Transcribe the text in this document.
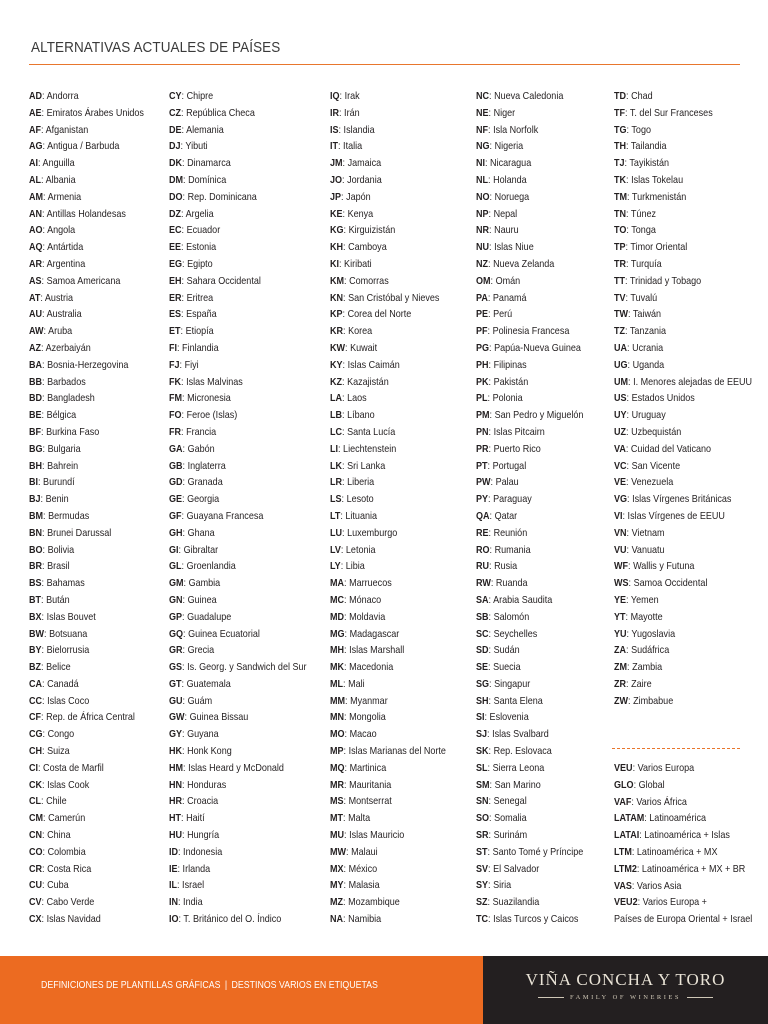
ALTERNATIVAS ACTUALES DE PAÍSES
AD: Andorra
AE: Emiratos Árabes Unidos
AF: Afganistan
AG: Antigua / Barbuda
AI: Anguilla
AL: Albania
AM: Armenia
AN: Antillas Holandesas
AO: Angola
AQ: Antártida
AR: Argentina
AS: Samoa Americana
AT: Austria
AU: Australia
AW: Aruba
AZ: Azerbaiyán
BA: Bosnia-Herzegovina
BB: Barbados
BD: Bangladesh
BE: Bélgica
BF: Burkina Faso
BG: Bulgaria
BH: Bahrein
BI: Burundí
BJ: Benin
BM: Bermudas
BN: Brunei Darussal
BO: Bolivia
BR: Brasil
BS: Bahamas
BT: Bután
BX: Islas Bouvet
BW: Botsuana
BY: Bielorrusia
BZ: Belice
CA: Canadá
CC: Islas Coco
CF: Rep. de África Central
CG: Congo
CH: Suiza
CI: Costa de Marfil
CK: Islas Cook
CL: Chile
CM: Camerún
CN: China
CO: Colombia
CR: Costa Rica
CU: Cuba
CV: Cabo Verde
CX: Islas Navidad
CY: Chipre
CZ: República Checa
DE: Alemania
DJ: Yibuti
DK: Dinamarca
DM: Domínica
DO: Rep. Dominicana
DZ: Argelia
EC: Ecuador
EE: Estonia
EG: Egipto
EH: Sahara Occidental
ER: Eritrea
ES: España
ET: Etiopía
FI: Finlandia
FJ: Fiyi
FK: Islas Malvinas
FM: Micronesia
FO: Feroe (Islas)
FR: Francia
GA: Gabón
GB: Inglaterra
GD: Granada
GE: Georgia
GF: Guayana Francesa
GH: Ghana
GI: Gibraltar
GL: Groenlandia
GM: Gambia
GN: Guinea
GP: Guadalupe
GQ: Guinea Ecuatorial
GR: Grecia
GS: Is. Georg. y Sandwich del Sur
GT: Guatemala
GU: Guám
GW: Guinea Bissau
GY: Guyana
HK: Honk Kong
HM: Islas Heard y McDonald
HN: Honduras
HR: Croacia
HT: Haití
HU: Hungría
ID: Indonesia
IE: Irlanda
IL: Israel
IN: India
IO: T. Británico del O. Índico
IQ: Irak
IR: Irán
IS: Islandia
IT: Italia
JM: Jamaica
JO: Jordania
JP: Japón
KE: Kenya
KG: Kirguizistán
KH: Camboya
KI: Kiribati
KM: Comorras
KN: San Cristóbal y Nieves
KP: Corea del Norte
KR: Korea
KW: Kuwait
KY: Islas Caimán
KZ: Kazajistán
LA: Laos
LB: Líbano
LC: Santa Lucía
LI: Liechtenstein
LK: Sri Lanka
LR: Liberia
LS: Lesoto
LT: Lituania
LU: Luxemburgo
LV: Letonia
LY: Libia
MA: Marruecos
MC: Mónaco
MD: Moldavia
MG: Madagascar
MH: Islas Marshall
MK: Macedonia
ML: Mali
MM: Myanmar
MN: Mongolia
MO: Macao
MP: Islas Marianas del Norte
MQ: Martinica
MR: Mauritania
MS: Montserrat
MT: Malta
MU: Islas Mauricio
MW: Malaui
MX: México
MY: Malasia
MZ: Mozambique
NA: Namibia
NC: Nueva Caledonia
NE: Niger
NF: Isla Norfolk
NG: Nigeria
NI: Nicaragua
NL: Holanda
NO: Noruega
NP: Nepal
NR: Nauru
NU: Islas Niue
NZ: Nueva Zelanda
OM: Omán
PA: Panamá
PE: Perú
PF: Polinesia Francesa
PG: Papúa-Nueva Guinea
PH: Filipinas
PK: Pakistán
PL: Polonia
PM: San Pedro y Miguelón
PN: Islas Pitcairn
PR: Puerto Rico
PT: Portugal
PW: Palau
PY: Paraguay
QA: Qatar
RE: Reunión
RO: Rumania
RU: Rusia
RW: Ruanda
SA: Arabia Saudita
SB: Salomón
SC: Seychelles
SD: Sudán
SE: Suecia
SG: Singapur
SH: Santa Elena
SI: Eslovenia
SJ: Islas Svalbard
SK: Rep. Eslovaca
SL: Sierra Leona
SM: San Marino
SN: Senegal
SO: Somalia
SR: Surinám
ST: Santo Tomé y Príncipe
SV: El Salvador
SY: Siria
SZ: Suazilandia
TC: Islas Turcos y Caicos
TD: Chad
TF: T. del Sur Franceses
TG: Togo
TH: Tailandia
TJ: Tayikistán
TK: Islas Tokelau
TM: Turkmenistán
TN: Túnez
TO: Tonga
TP: Timor Oriental
TR: Turquía
TT: Trinidad y Tobago
TV: Tuvalú
TW: Taiwán
TZ: Tanzania
UA: Ucrania
UG: Uganda
UM: I. Menores alejadas de EEUU
US: Estados Unidos
UY: Uruguay
UZ: Uzbequistán
VA: Cuidad del Vaticano
VC: San Vicente
VE: Venezuela
VG: Islas Vírgenes Británicas
VI: Islas Vírgenes de EEUU
VN: Vietnam
VU: Vanuatu
WF: Wallis y Futuna
WS: Samoa Occidental
YE: Yemen
YT: Mayotte
YU: Yugoslavia
ZA: Sudáfrica
ZM: Zambia
ZR: Zaire
ZW: Zimbabue
VEU: Varios Europa
GLO: Global
VAF: Varios África
LATAM: Latinoamérica
LATAI: Latinoamérica + Islas
LTM: Latinoamérica + MX
LTM2: Latinoamérica + MX + BR
VAS: Varios Asia
VEU2: Varios Europa +
Países de Europa Oriental + Israel
DEFINICIONES DE PLANTILLAS GRÁFICAS | DESTINOS VARIOS EN ETIQUETAS	VIÑA CONCHA Y TORO
FAMILY OF WINERIES
